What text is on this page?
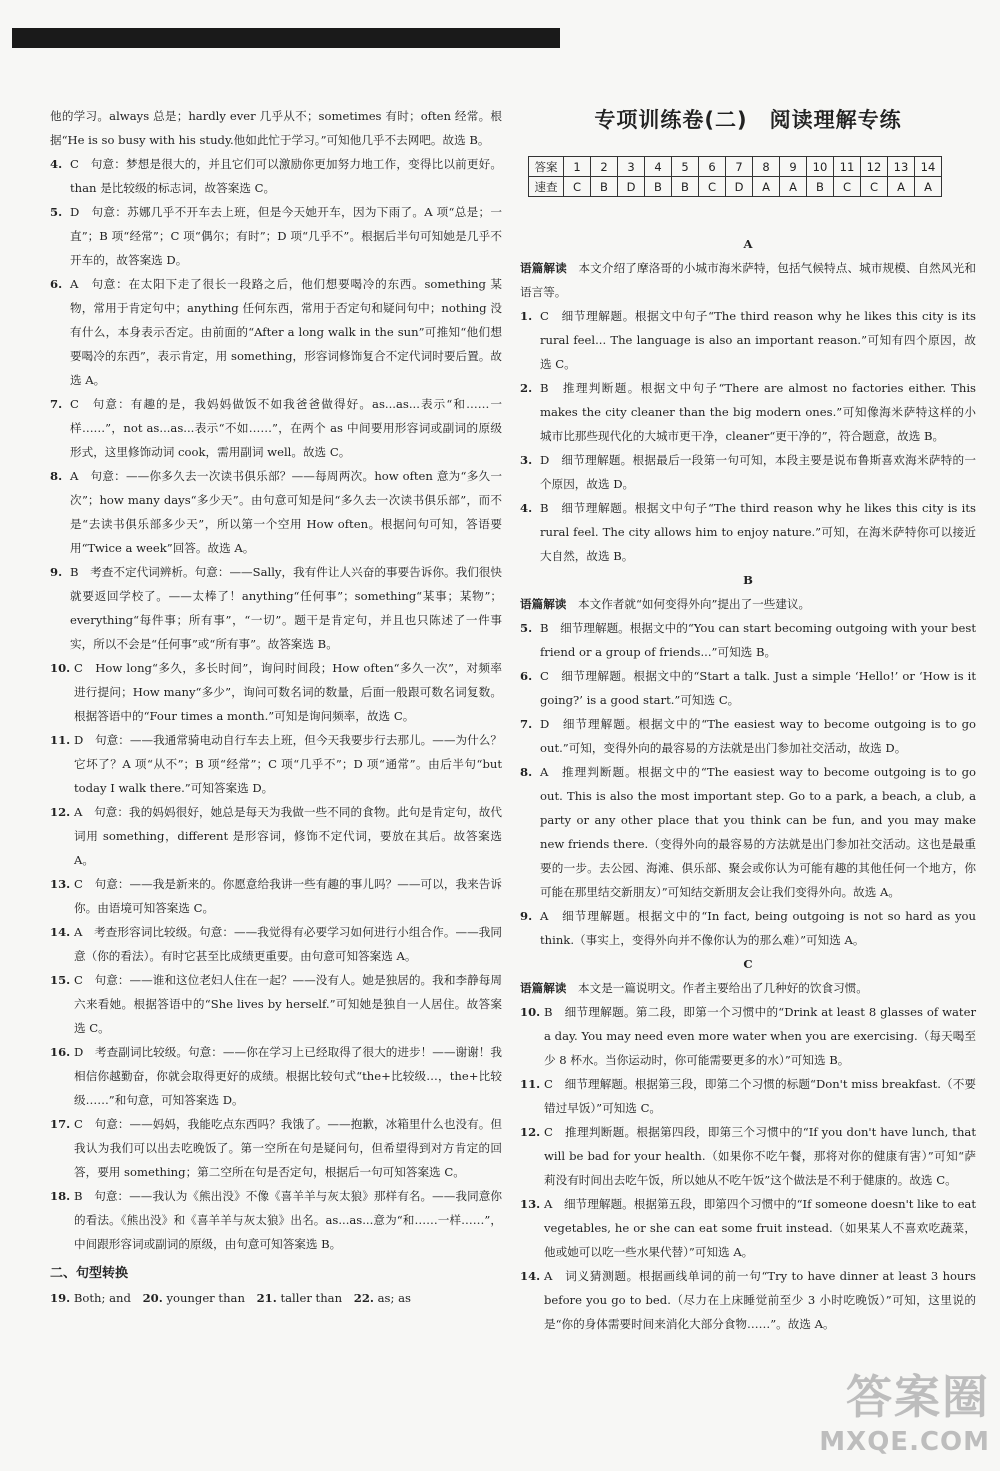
他的学习。always 总是；hardly ever 几乎从不；sometimes 有时；often 经常。根据“He is so busy with his study.他如此忙于学习。”可知他几乎不去网吧。故选 B。
4. C　句意：梦想是很大的，并且它们可以激励你更加努力地工作，变得比以前更好。than 是比较级的标志词，故答案选 C。
5. D　句意：苏娜几乎不开车去上班，但是今天她开车，因为下雨了。A 项“总是；一直”；B 项“经常”；C 项“偶尔；有时”；D 项“几乎不”。根据后半句可知她是几乎不开车的，故答案选 D。
6. A　句意：在太阳下走了很长一段路之后，他们想要喝冷的东西。something 某物，常用于肯定句中；anything 任何东西，常用于否定句和疑问句中；nothing 没有什么，本身表示否定。由前面的“After a long walk in the sun”可推知“他们想要喝冷的东西”，表示肯定，用 something，形容词修饰复合不定代词时要后置。故选 A。
7. C　句意：有趣的是，我妈妈做饭不如我爸爸做得好。as...as...表示“和……一样……”，not as...as...表示“不如……”，在两个 as 中间要用形容词或副词的原级形式，这里修饰动词 cook，需用副词 well。故选 C。
8. A　句意：——你多久去一次读书俱乐部？——每周两次。how often 意为“多久一次”；how many days“多少天”。由句意可知是问“多久去一次读书俱乐部”，而不是“去读书俱乐部多少天”，所以第一个空用 How often。根据问句可知，答语要用“Twice a week”回答。故选 A。
9. B　考查不定代词辨析。句意：——Sally，我有件让人兴奋的事要告诉你。我们很快就要返回学校了。——太棒了！anything“任何事”；something“某事；某物”；everything“每件事；所有事”，“一切”。题干是肯定句，并且也只陈述了一件事实，所以不会是“任何事”或“所有事”。故答案选 B。
10. C　How long“多久，多长时间”，询问时间段；How often“多久一次”，对频率进行提问；How many“多少”，询问可数名词的数量，后面一般跟可数名词复数。根据答语中的“Four times a month.”可知是询问频率，故选 C。
11. D　句意：——我通常骑电动自行车去上班，但今天我要步行去那儿。——为什么？它坏了？A 项“从不”；B 项“经常”；C 项“几乎不”；D 项“通常”。由后半句“but today I walk there.”可知答案选 D。
12. A　句意：我的妈妈很好，她总是每天为我做一些不同的食物。此句是肯定句，故代词用 something，different 是形容词，修饰不定代词，要放在其后。故答案选 A。
13. C　句意：——我是新来的。你愿意给我讲一些有趣的事儿吗？——可以，我来告诉你。由语境可知答案选 C。
14. A　考查形容词比较级。句意：——我觉得有必要学习如何进行小组合作。——我同意（你的看法）。有时它甚至比成绩更重要。由句意可知答案选 A。
15. C　句意：——谁和这位老妇人住在一起？——没有人。她是独居的。我和李静每周六来看她。根据答语中的“She lives by herself.”可知她是独自一人居住。故答案选 C。
16. D　考查副词比较级。句意：——你在学习上已经取得了很大的进步！——谢谢！我相信你越勤奋，你就会取得更好的成绩。根据比较句式“the+比较级…，the+比较级……”和句意，可知答案选 D。
17. C　句意：——妈妈，我能吃点东西吗？我饿了。——抱歉，冰箱里什么也没有。但我认为我们可以出去吃晚饭了。第一空所在句是疑问句，但希望得到对方肯定的回答，要用 something；第二空所在句是否定句，根据后一句可知答案选 C。
18. B　句意：——我认为《熊出没》不像《喜羊羊与灰太狼》那样有名。——我同意你的看法。《熊出没》和《喜羊羊与灰太狼》出名。as...as...意为“和……一样……”，中间跟形容词或副词的原级，由句意可知答案选 B。
二、句型转换
19. Both; and 20. younger than 21. taller than 22. as; as
专项训练卷(二)　阅读理解专练
答案	1	2	3	4	5	6	7	8	9	10	11	12	13	14
速查	C	B	D	B	B	C	D	A	A	B	C	C	A	A
A
语篇解读　 本文介绍了摩洛哥的小城市海米萨特，包括气候特点、城市规模、自然风光和语言等。
1. C　细节理解题。根据文中句子“The third reason why he likes this city is its rural feel... The language is also an important reason.”可知有四个原因，故选 C。
2. B　推理判断题。根据文中句子“There are almost no factories either. This makes the city cleaner than the big modern ones.”可知像海米萨特这样的小城市比那些现代化的大城市更干净，cleaner“更干净的”，符合题意，故选 B。
3. D　细节理解题。根据最后一段第一句可知，本段主要是说布鲁斯喜欢海米萨特的一个原因，故选 D。
4. B　细节理解题。根据文中句子“The third reason why he likes this city is its rural feel. The city allows him to enjoy nature.”可知，在海米萨特你可以接近大自然，故选 B。
B
语篇解读　 本文作者就“如何变得外向”提出了一些建议。
5. B　细节理解题。根据文中的“You can start becoming outgoing with your best friend or a group of friends...”可知选 B。
6. C　细节理解题。根据文中的“Start a talk. Just a simple ‘Hello!’ or ‘How is it going?’ is a good start.”可知选 C。
7. D　细节理解题。根据文中的“The easiest way to become outgoing is to go out.”可知，变得外向的最容易的方法就是出门参加社交活动，故选 D。
8. A　推理判断题。根据文中的“The easiest way to become outgoing is to go out. This is also the most important step. Go to a park, a beach, a club, a party or any other place that you think can be fun, and you may make new friends there.（变得外向的最容易的方法就是出门参加社交活动。这也是最重要的一步。去公园、海滩、俱乐部、聚会或你认为可能有趣的其他任何一个地方，你可能在那里结交新朋友）”可知结交新朋友会让我们变得外向。故选 A。
9. A　细节理解题。根据文中的“In fact, being outgoing is not so hard as you think.（事实上，变得外向并不像你认为的那么难）”可知选 A。
C
语篇解读　 本文是一篇说明文。作者主要给出了几种好的饮食习惯。
10. B　细节理解题。第二段，即第一个习惯中的“Drink at least 8 glasses of water a day. You may need even more water when you are exercising.（每天喝至少 8 杯水。当你运动时，你可能需要更多的水）”可知选 B。
11. C　细节理解题。根据第三段，即第二个习惯的标题“Don't miss breakfast.（不要错过早饭）”可知选 C。
12. C　推理判断题。根据第四段，即第三个习惯中的“If you don't have lunch, that will be bad for your health.（如果你不吃午餐，那将对你的健康有害）”可知“萨莉没有时间出去吃午饭，所以她从不吃午饭”这个做法是不利于健康的。故选 C。
13. A　细节理解题。根据第五段，即第四个习惯中的“If someone doesn't like to eat vegetables, he or she can eat some fruit instead.（如果某人不喜欢吃蔬菜，他或她可以吃一些水果代替）”可知选 A。
14. A　词义猜测题。根据画线单词的前一句“Try to have dinner at least 3 hours before you go to bed.（尽力在上床睡觉前至少 3 小时吃晚饭）”可知，这里说的是“你的身体需要时间来消化大部分食物……”。故选 A。
答案圈
MXQE.COM
